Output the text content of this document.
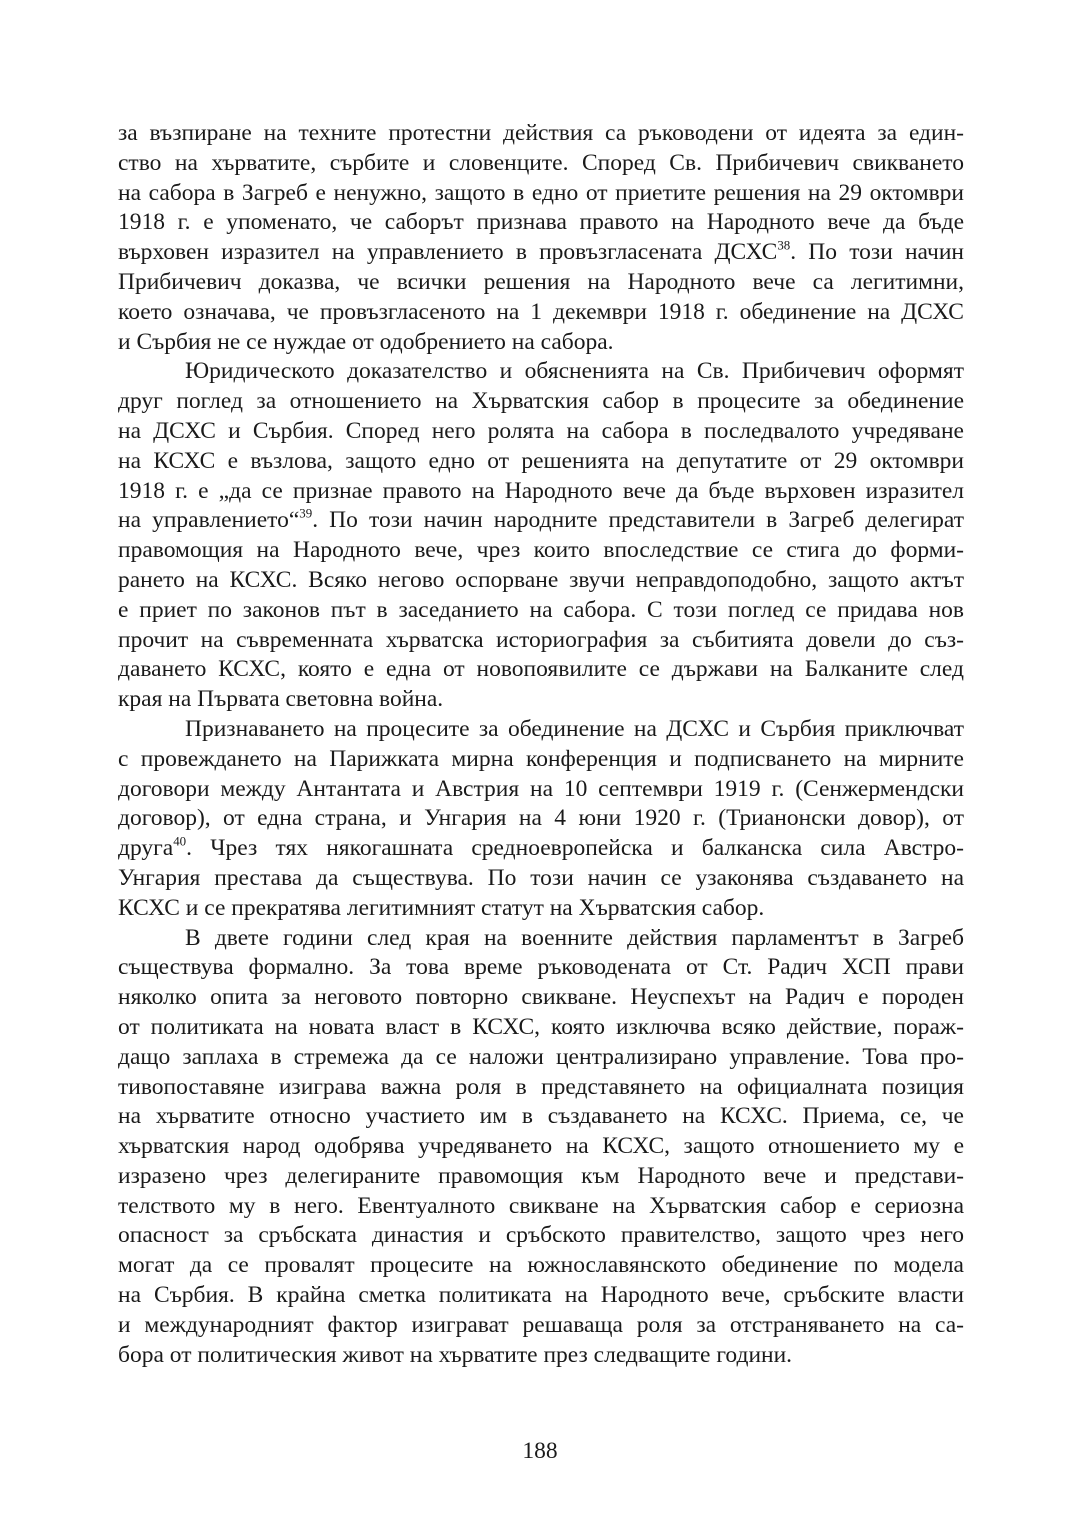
за възпиране на техните протестни действия са ръководени от идеята за един-
ство на хърватите, сърбите и словенците. Според Св. Прибичевич свикването
на сабора в Загреб е ненужно, защото в едно от приетите решения на 29 октомври
1918 г. е упоменато, че саборът признава правото на Народното вече да бъде
върховен изразител на управлението в провъзгласената ДСХС$^{38}$. По този начин
Прибичевич доказва, че всички решения на Народното вече са легитимни,
което означава, че провъзгласеното на 1 декември 1918 г. обединение на ДСХС
и Сърбия не се нуждае от одобрението на сабора.
Юридическото доказателство и обясненията на Св. Прибичевич оформят
друг поглед за отношението на Хърватския сабор в процесите за обединение
на ДСХС и Сърбия. Според него ролята на сабора в последвалото учредяване
на КСХС е възлова, защото едно от решенията на депутатите от 29 октомври
1918 г. е „да се признае правото на Народното вече да бъде върховен изразител
на управлението“$^{39}$. По този начин народните представители в Загреб делегират
правомощия на Народното вече, чрез които впоследствие се стига до форми-
рането на КСХС. Всяко негово оспорване звучи неправдоподобно, защото актът
е приет по законов път в заседанието на сабора. С този поглед се придава нов
прочит на съвременната хърватска историография за събитията довели до съз-
даването КСХС, която е една от новопоявилите се държави на Балканите след
края на Първата световна война.
Признаването на процесите за обединение на ДСХС и Сърбия приключват
с провеждането на Парижката мирна конференция и подписването на мирните
договори между Антантата и Австрия на 10 септември 1919 г. (Сенжермендски
договор), от една страна, и Унгария на 4 юни 1920 г. (Трианонски довор), от
друга$^{40}$. Чрез тях някогашната средноевропейска и балканска сила Австро-
Унгария престава да съществува. По този начин се узаконява създаването на
КСХС и се прекратява легитимният статут на Хърватския сабор.
В двете години след края на военните действия парламентът в Загреб
съществува формално. За това време ръководената от Ст. Радич ХСП прави
няколко опита за неговото повторно свикване. Неуспехът на Радич е породен
от политиката на новата власт в КСХС, която изключва всяко действие, пораж-
дащо заплаха в стремежа да се наложи централизирано управление. Това про-
тивопоставяне изиграва важна роля в представянето на официалната позиция
на хърватите относно участието им в създаването на КСХС. Приема, се, че
хърватския народ одобрява учредяването на КСХС, защото отношението му е
изразено чрез делегираните правомощия към Народното вече и представи-
телството му в него. Евентуалното свикване на Хърватския сабор е сериозна
опасност за сръбската династия и сръбското правителство, защото чрез него
могат да се провалят процесите на южнославянското обединение по модела
на Сърбия. В крайна сметка политиката на Народното вече, сръбските власти
и международният фактор изиграват решаваща роля за отстраняването на са-
бора от политическия живот на хърватите през следващите години.
188
